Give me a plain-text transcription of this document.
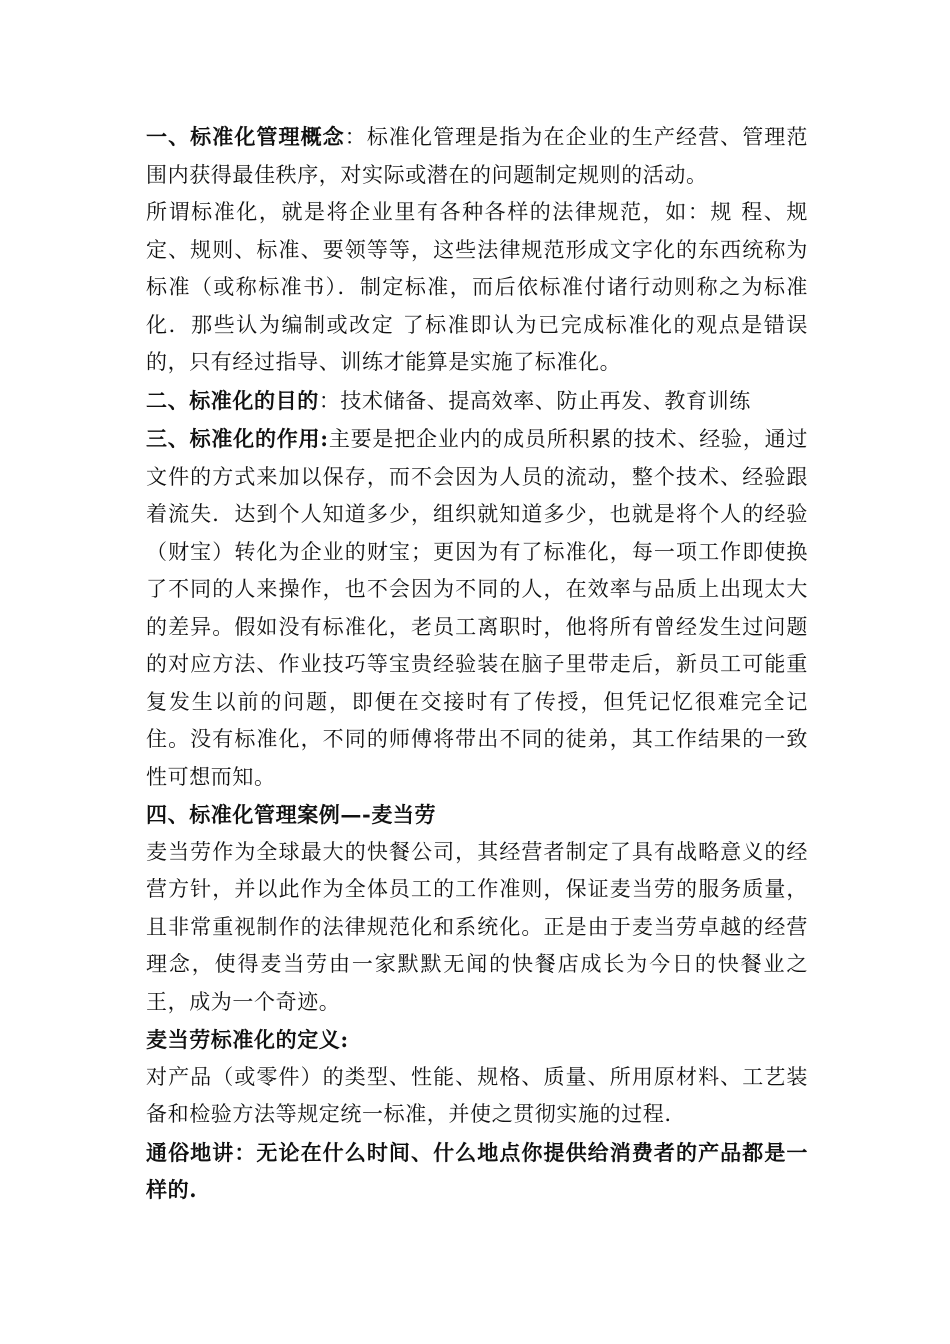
一、标准化管理概念：标准化管理是指为在企业的生产经营、管理范围内获得最佳秩序，对实际或潜在的问题制定规则的活动。

所谓标准化，就是将企业里有各种各样的法律规范，如：规 程、规定、规则、标准、要领等等，这些法律规范形成文字化的东西统称为标准（或称标准书）．制定标准，而后依标准付诸行动则称之为标准化．那些认为编制或改定 了标准即认为已完成标准化的观点是错误的，只有经过指导、训练才能算是实施了标准化。

二、标准化的目的：技术储备、提高效率、防止再发、教育训练

三、标准化的作用:主要是把企业内的成员所积累的技术、经验，通过文件的方式来加以保存，而不会因为人员的流动，整个技术、经验跟着流失．达到个人知道多少，组织就知道多少，也就是将个人的经验（财宝）转化为企业的财宝；更因为有了标准化，每一项工作即使换了不同的人来操作，也不会因为不同的人，在效率与品质上出现太大的差异。假如没有标准化，老员工离职时，他将所有曾经发生过问题的对应方法、作业技巧等宝贵经验装在脑子里带走后，新员工可能重复发生以前的问题，即便在交接时有了传授，但凭记忆很难完全记住。没有标准化，不同的师傅将带出不同的徒弟，其工作结果的一致性可想而知。

四、标准化管理案例—-麦当劳

麦当劳作为全球最大的快餐公司，其经营者制定了具有战略意义的经营方针，并以此作为全体员工的工作准则，保证麦当劳的服务质量，且非常重视制作的法律规范化和系统化。正是由于麦当劳卓越的经营理念，使得麦当劳由一家默默无闻的快餐店成长为今日的快餐业之王，成为一个奇迹。

麦当劳标准化的定义:

对产品（或零件）的类型、性能、规格、质量、所用原材料、工艺装备和检验方法等规定统一标准，并使之贯彻实施的过程.

通俗地讲：无论在什么时间、什么地点你提供给消费者的产品都是一样的.
